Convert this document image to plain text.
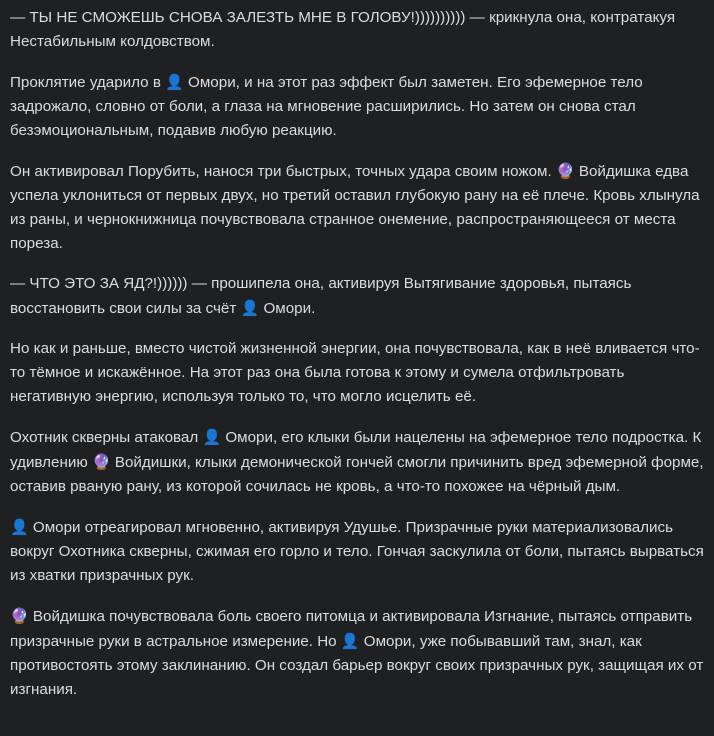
— ТЫ НЕ СМОЖЕШЬ СНОВА ЗАЛЕЗТЬ МНЕ В ГОЛОВУ!)))))))))) — крикнула она, контратакуя Нестабильным колдовством.

Проклятие ударило в 👤 Омори, и на этот раз эффект был заметен. Его эфемерное тело задрожало, словно от боли, а глаза на мгновение расширились. Но затем он снова стал безэмоциональным, подавив любую реакцию.

Он активировал Порубить, нанося три быстрых, точных удара своим ножом. 🔮 Войдишка едва успела уклониться от первых двух, но третий оставил глубокую рану на её плече. Кровь хлынула из раны, и чернокнижница почувствовала странное онемение, распространяющееся от места пореза.

— ЧТО ЭТО ЗА ЯД?!)))))) — прошипела она, активируя Вытягивание здоровья, пытаясь восстановить свои силы за счёт 👤 Омори.

Но как и раньше, вместо чистой жизненной энергии, она почувствовала, как в неё вливается что-то тёмное и искажённое. На этот раз она была готова к этому и сумела отфильтровать негативную энергию, используя только то, что могло исцелить её.

Охотник скверны атаковал 👤 Омори, его клыки были нацелены на эфемерное тело подростка. К удивлению 🔮 Войдишки, клыки демонической гончей смогли причинить вред эфемерной форме, оставив рваную рану, из которой сочилась не кровь, а что-то похожее на чёрный дым.

👤 Омори отреагировал мгновенно, активируя Удушье. Призрачные руки материализовались вокруг Охотника скверны, сжимая его горло и тело. Гончая заскулила от боли, пытаясь вырваться из хватки призрачных рук.

🔮 Войдишка почувствовала боль своего питомца и активировала Изгнание, пытаясь отправить призрачные руки в астральное измерение. Но 👤 Омори, уже побывавший там, знал, как противостоять этому заклинанию. Он создал барьер вокруг своих призрачных рук, защищая их от изгнания.
